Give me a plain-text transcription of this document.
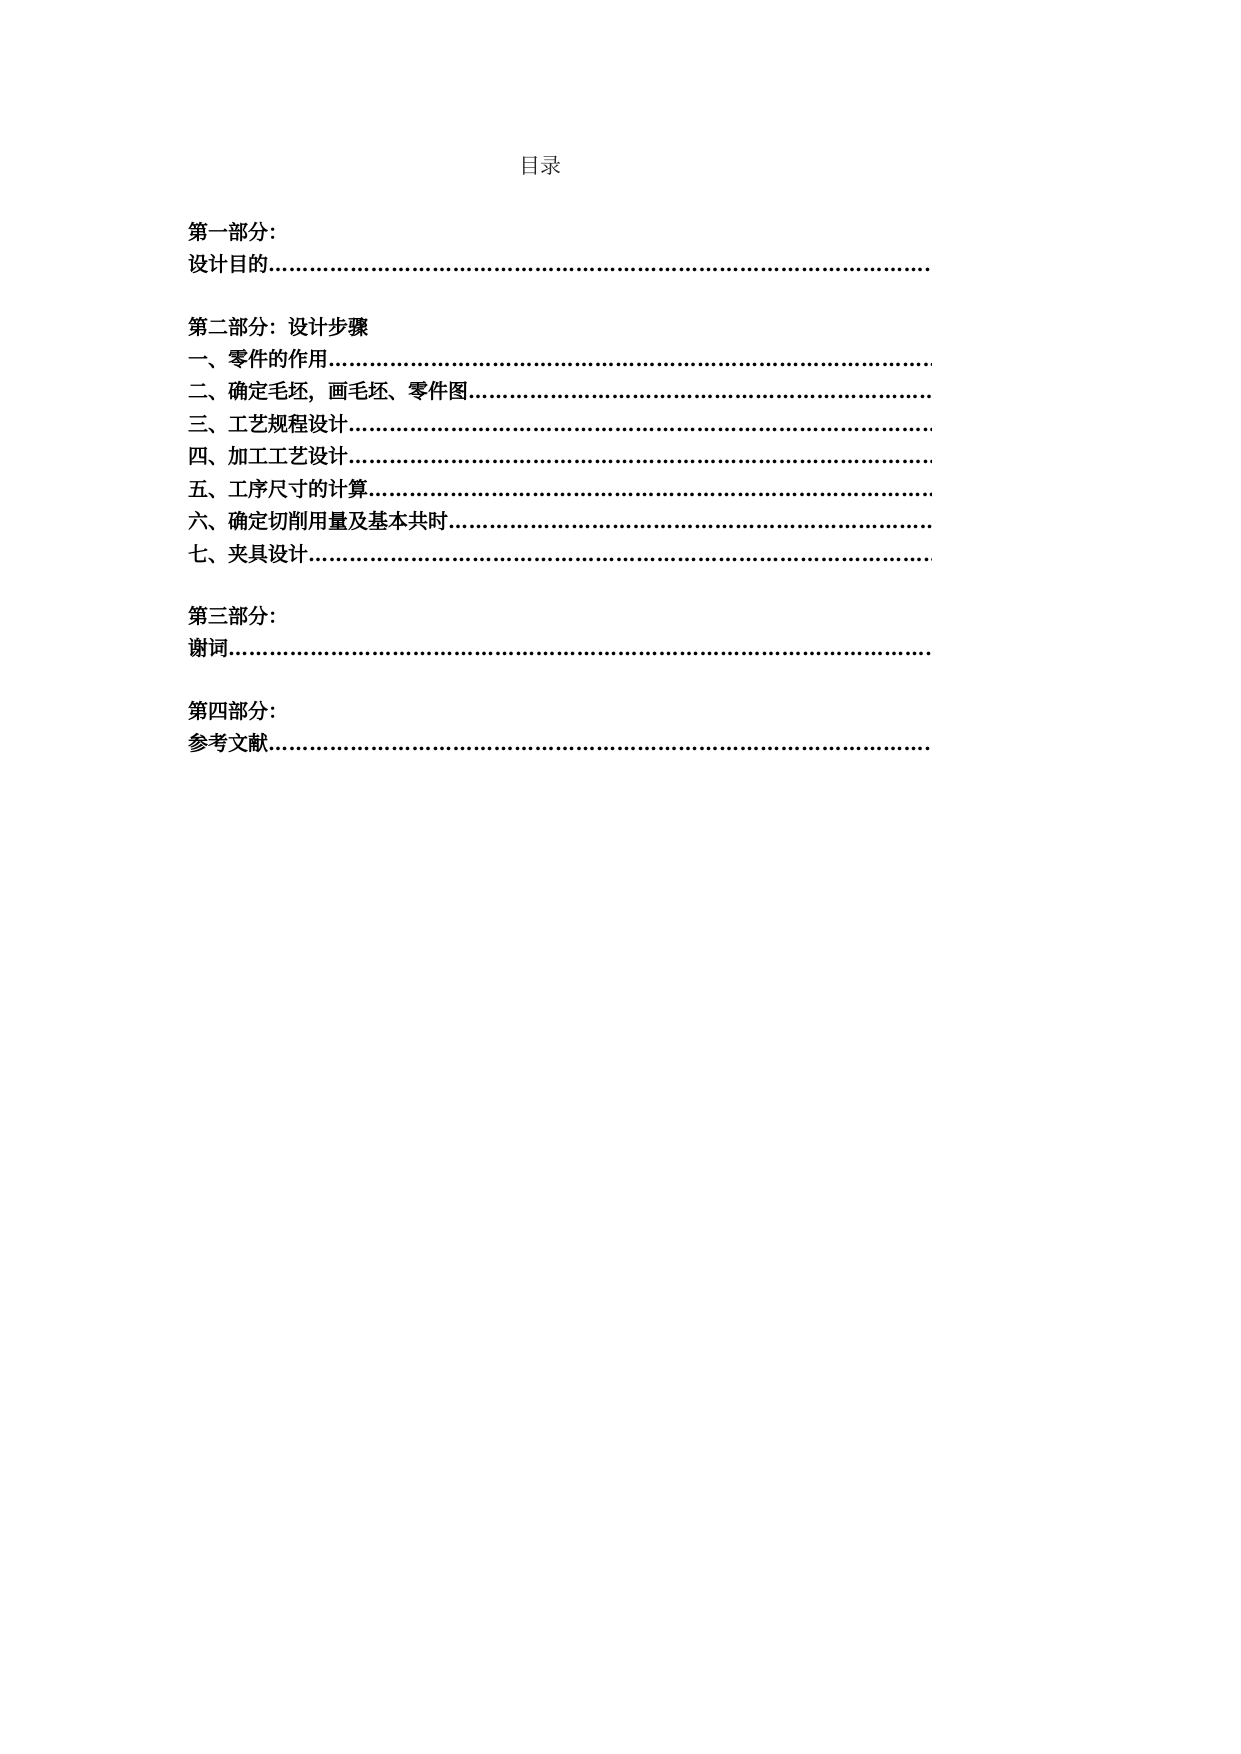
目录
第一部分：
设计目的
…………………………………………………………………………………………………………………………………………………
第二部分：设计步骤
一、零件的作用
…………………………………………………………………………………………………………………………………………………
二、确定毛坯，画毛坯、零件图
…………………………………………………………………………………………………………………………………………………
三、工艺规程设计
…………………………………………………………………………………………………………………………………………………
四、加工工艺设计
…………………………………………………………………………………………………………………………………………………
五、工序尺寸的计算
…………………………………………………………………………………………………………………………………………………
六、确定切削用量及基本共时
…………………………………………………………………………………………………………………………………………………
七、夹具设计
…………………………………………………………………………………………………………………………………………………
第三部分：
谢词
…………………………………………………………………………………………………………………………………………………
第四部分：
参考文献
…………………………………………………………………………………………………………………………………………………
